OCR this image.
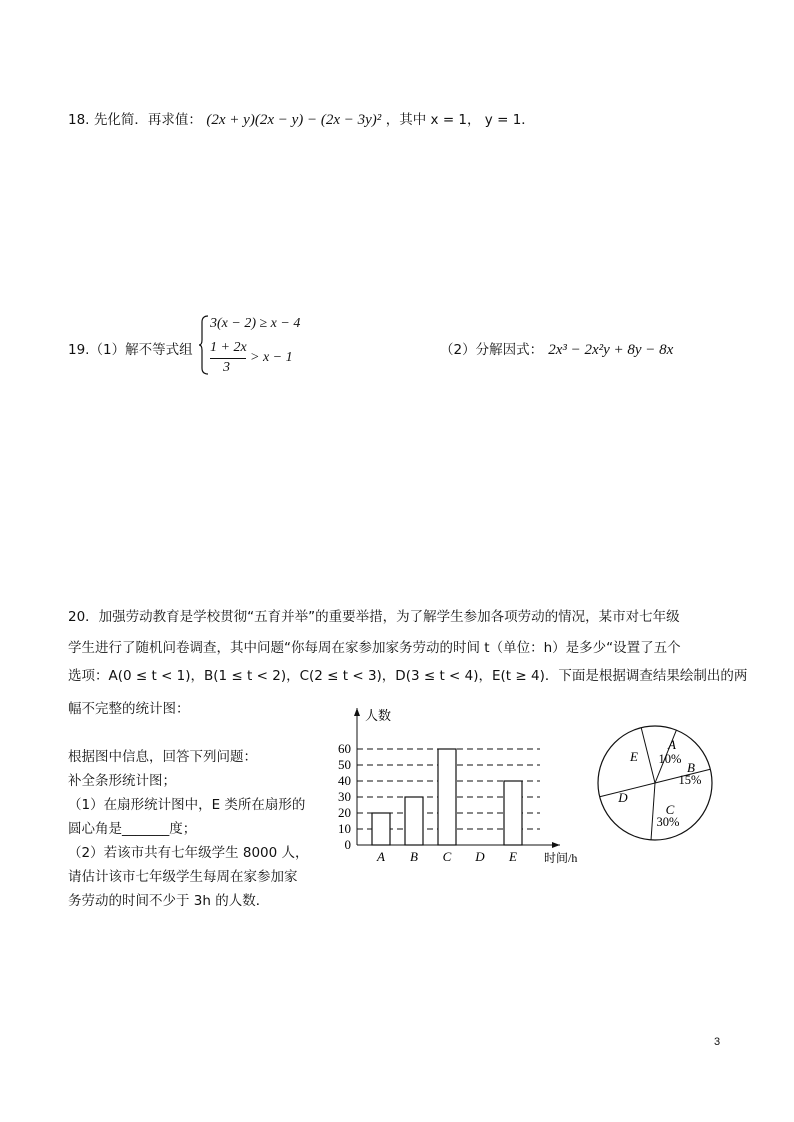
18. 先化简．再求值： (2x + y)(2x − y) − (2x − 3y)² ，其中 x = 1， y = 1．
19.（1）解不等式组
3(x − 2) ≥ x − 4
1 + 2x
3
> x − 1	（2）分解因式： 2x³ − 2x²y + 8y − 8x
20．加强劳动教育是学校贯彻“五育并举”的重要举措，为了解学生参加各项劳动的情况，某市对七年级
学生进行了随机问卷调查，其中问题“你每周在家参加家务劳动的时间 t（单位：h）是多少“设置了五个
选项：A(0 ≤ t < 1)，B(1 ≤ t < 2)，C(2 ≤ t < 3)，D(3 ≤ t < 4)，E(t ≥ 4)．下面是根据调查结果绘制出的两
幅不完整的统计图：
根据图中信息，回答下列问题：
补全条形统计图；
（1）在扇形统计图中，E 类所在扇形的
圆心角是_______度；
（2）若该市共有七年级学生 8000 人，
请估计该市七年级学生每周在家参加家
务劳动的时间不少于 3h 的人数．
0
10
20
30
40
50
60
人数
时间/h
A B C D E
A
10%
B
15%
C
30%
D
E
3
